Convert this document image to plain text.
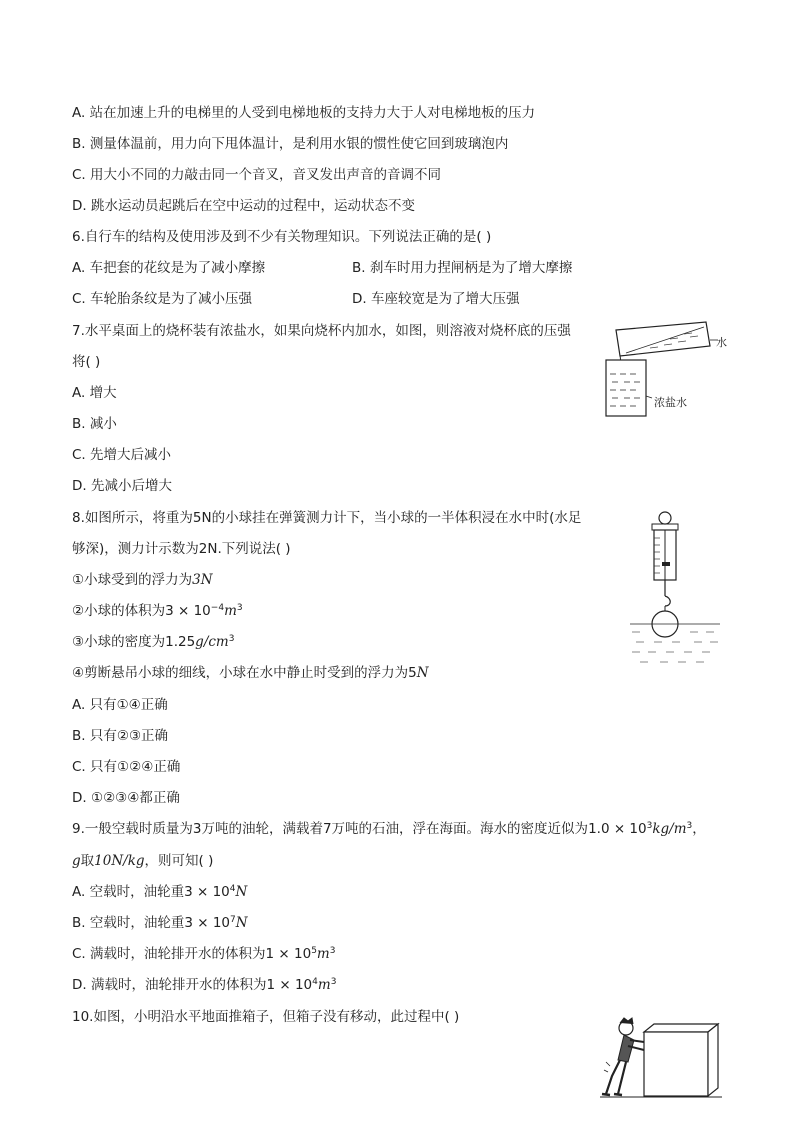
A. 站在加速上升的电梯里的人受到电梯地板的支持力大于人对电梯地板的压力
B. 测量体温前，用力向下甩体温计，是利用水银的惯性使它回到玻璃泡内
C. 用大小不同的力敲击同一个音叉，音叉发出声音的音调不同
D. 跳水运动员起跳后在空中运动的过程中，运动状态不变
6.自行车的结构及使用涉及到不少有关物理知识。下列说法正确的是( )
A. 车把套的花纹是为了减小摩擦	B. 刹车时用力捏闸柄是为了增大摩擦
C. 车轮胎条纹是为了减小压强	D. 车座较宽是为了增大压强
7.水平桌面上的烧杯装有浓盐水，如果向烧杯内加水，如图，则溶液对烧杯底的压强
将( )
A. 增大
B. 减小
C. 先增大后减小
D. 先减小后增大
水
浓盐水
8.如图所示，将重为5N的小球挂在弹簧测力计下，当小球的一半体积浸在水中时(水足
够深)，测力计示数为2N.下列说法( )
①小球受到的浮力为3N
②小球的体积为$3 \times 10^{-4}m^3$
③小球的密度为$1.25g/cm^3$
④剪断悬吊小球的细线，小球在水中静止时受到的浮力为5N
A. 只有①④正确
B. 只有②③正确
C. 只有①②④正确
D. ①②③④都正确
9.一般空载时质量为3万吨的油轮，满载着7万吨的石油，浮在海面。海水的密度近似为$1.0 \times 10^3kg/m^3$，
g取10N/kg，则可知( )
A. 空载时，油轮重$3 \times 10^4N$
B. 空载时，油轮重$3 \times 10^7N$
C. 满载时，油轮排开水的体积为$1 \times 10^5m^3$
D. 满载时，油轮排开水的体积为$1 \times 10^4m^3$
10.如图，小明沿水平地面推箱子，但箱子没有移动，此过程中( )
